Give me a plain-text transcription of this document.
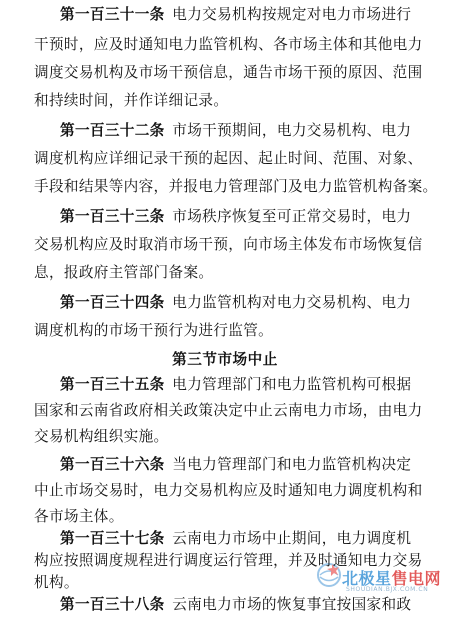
第一百三十一条  电力交易机构按规定对电力市场进行
干预时，应及时通知电力监管机构、各市场主体和其他电力
调度交易机构及市场干预信息，通告市场干预的原因、范围
和持续时间，并作详细记录。
第一百三十二条  市场干预期间，电力交易机构、电力
调度机构应详细记录干预的起因、起止时间、范围、对象、
手段和结果等内容，并报电力管理部门及电力监管机构备案。
第一百三十三条  市场秩序恢复至可正常交易时，电力
交易机构应及时取消市场干预，向市场主体发布市场恢复信
息，报政府主管部门备案。
第一百三十四条  电力监管机构对电力交易机构、电力
第三节市场中止
第一百三十五条  电力管理部门和电力监管机构可根据
国家和云南省政府相关政策决定中止云南电力市场，由电力
交易机构组织实施。
第一百三十六条  当电力管理部门和电力监管机构决定
中止市场交易时，电力交易机构应及时通知电力调度机构和
各市场主体。
第一百三十七条  云南电力市场中止期间，电力调度机
第一百三十八条  云南电力市场的恢复事宜按国家和政
北极星售电网
SHOUDIAN.BJX.COM.CN
调度机构的市场干预行为进行监管。
构应按照调度规程进行调度运行管理，并及时通知电力交易
机构。
